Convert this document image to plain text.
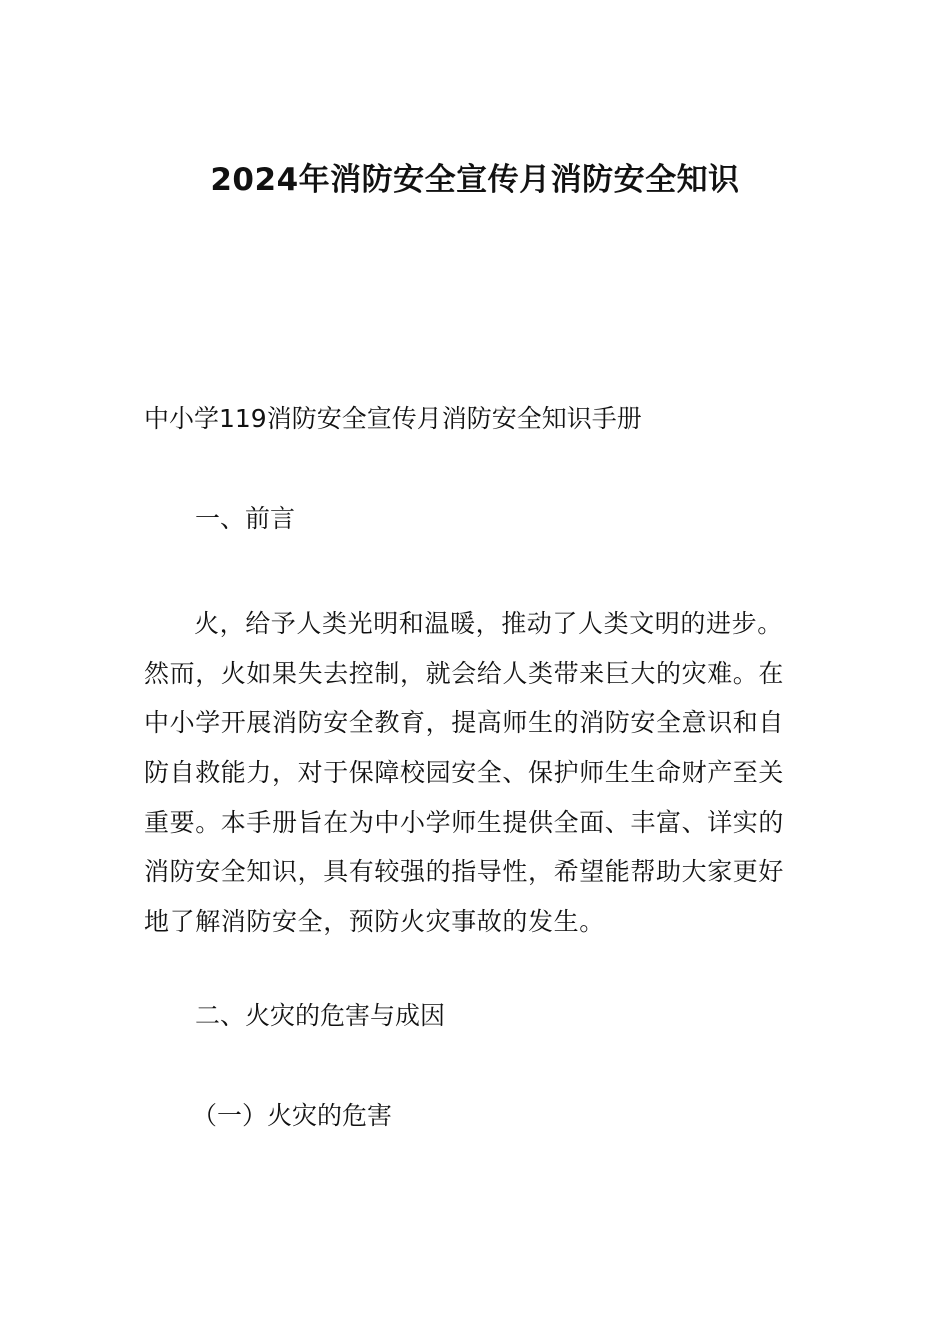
2024年消防安全宣传月消防安全知识
中小学119消防安全宣传月消防安全知识手册
一、前言
火，给予人类光明和温暖，推动了人类文明的进步。
然而，火如果失去控制，就会给人类带来巨大的灾难。在
中小学开展消防安全教育，提高师生的消防安全意识和自
防自救能力，对于保障校园安全、保护师生生命财产至关
重要。本手册旨在为中小学师生提供全面、丰富、详实的
消防安全知识，具有较强的指导性，希望能帮助大家更好
地了解消防安全，预防火灾事故的发生。
二、火灾的危害与成因
（一）火灾的危害
